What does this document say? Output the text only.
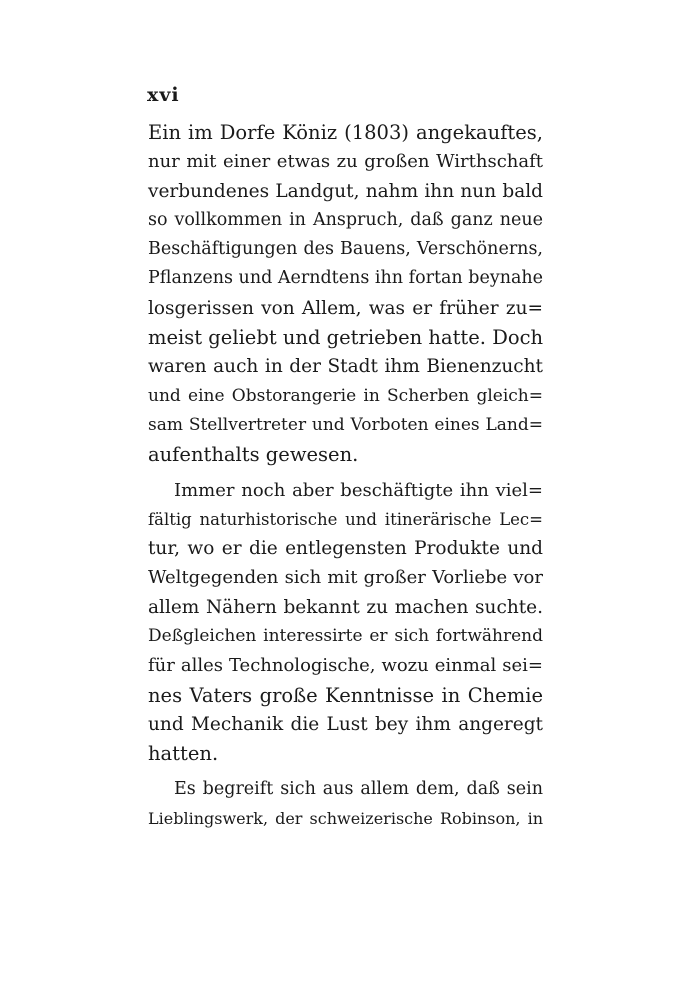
xvi
Ein im Dorfe Köniz (1803) angekauftes,
nur mit einer etwas zu großen Wirthschaft
verbundenes Landgut, nahm ihn nun bald
so vollkommen in Anspruch, daß ganz neue
Beschäftigungen des Bauens, Verschönerns,
Pflanzens und Aerndtens ihn fortan beynahe
losgerissen von Allem, was er früher zu=
meist geliebt und getrieben hatte. Doch
waren auch in der Stadt ihm Bienenzucht
und eine Obstorangerie in Scherben gleich=
sam Stellvertreter und Vorboten eines Land=
aufenthalts gewesen.
Immer noch aber beschäftigte ihn viel=
fältig naturhistorische und itinerärische Lec=
tur, wo er die entlegensten Produkte und
Weltgegenden sich mit großer Vorliebe vor
allem Nähern bekannt zu machen suchte.
Deßgleichen interessirte er sich fortwährend
für alles Technologische, wozu einmal sei=
nes Vaters große Kenntnisse in Chemie
und Mechanik die Lust bey ihm angeregt
hatten.
Es begreift sich aus allem dem, daß sein
Lieblingswerk, der schweizerische Robinson, in
